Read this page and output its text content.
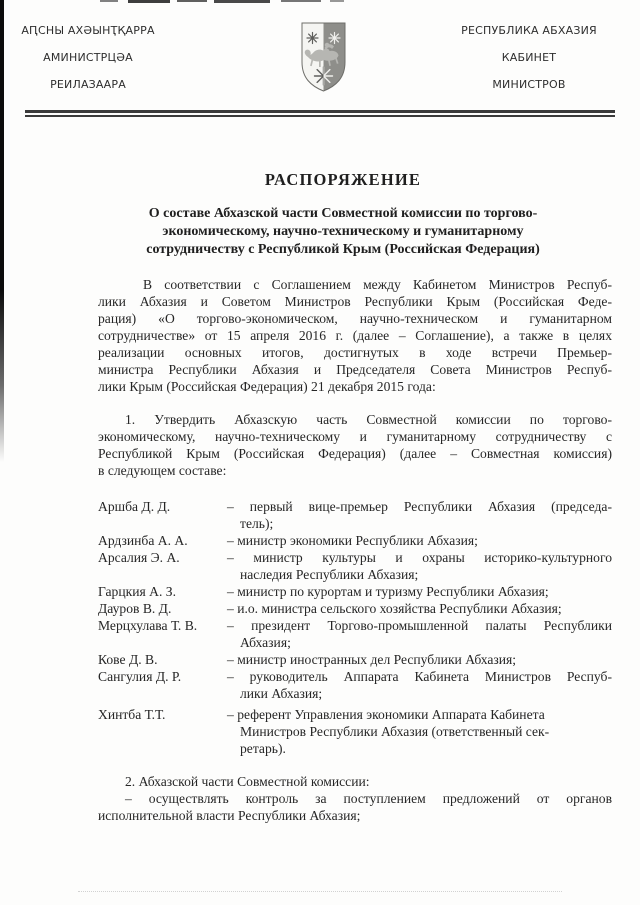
АԤСНЫ АХӘЫНҬҚАРРА
АМИНИСТРЦӘА
РЕИЛАЗААРА
РЕСПУБЛИКА АБХАЗИЯ
КАБИНЕТ
МИНИСТРОВ
РАСПОРЯЖЕНИЕ
О составе Абхазской части Совместной комиссии по торгово-
экономическому, научно-техническому и гуманитарному
сотрудничеству с Республикой Крым (Российская Федерация)
В соответствии с Соглашением между Кабинетом Министров Респуб-
лики Абхазия и Советом Министров Республики Крым (Российская Феде-
рация) «О торгово-экономическом, научно-техническом и гуманитарном
сотрудничестве» от 15 апреля 2016 г. (далее – Соглашение), а также в целях
реализации основных итогов, достигнутых в ходе встречи Премьер-
министра Республики Абхазия и Председателя Совета Министров Респуб-
лики Крым (Российская Федерация) 21 декабря 2015 года:
1. Утвердить Абхазскую часть Совместной комиссии по торгово-
экономическому, научно-техническому и гуманитарному сотрудничеству с
Республикой Крым (Российская Федерация) (далее – Совместная комиссия)
в следующем составе:
Аршба Д. Д.	– первый вице-премьер Республики Абхазия (председа-
тель);
Ардзинба А. А.	– министр экономики Республики Абхазия;
Арсалия Э. А.	– министр культуры и охраны историко-культурного
наследия Республики Абхазия;
Гарцкия А. З.	– министр по курортам и туризму Республики Абхазия;
Дауров В. Д.	– и.о. министра сельского хозяйства Республики Абхазия;
Мерцхулава Т. В.	– президент Торгово-промышленной палаты Республики
Абхазия;
Кове Д. В.	– министр иностранных дел Республики Абхазия;
Сангулия Д. Р.	– руководитель Аппарата Кабинета Министров Респуб-
лики Абхазия;
Хинтба Т.Т.	– референт Управления экономики Аппарата Кабинета
Министров Республики Абхазия (ответственный сек-
ретарь).
2. Абхазской части Совместной комиссии:
– осуществлять контроль за поступлением предложений от органов
исполнительной власти Республики Абхазия;
